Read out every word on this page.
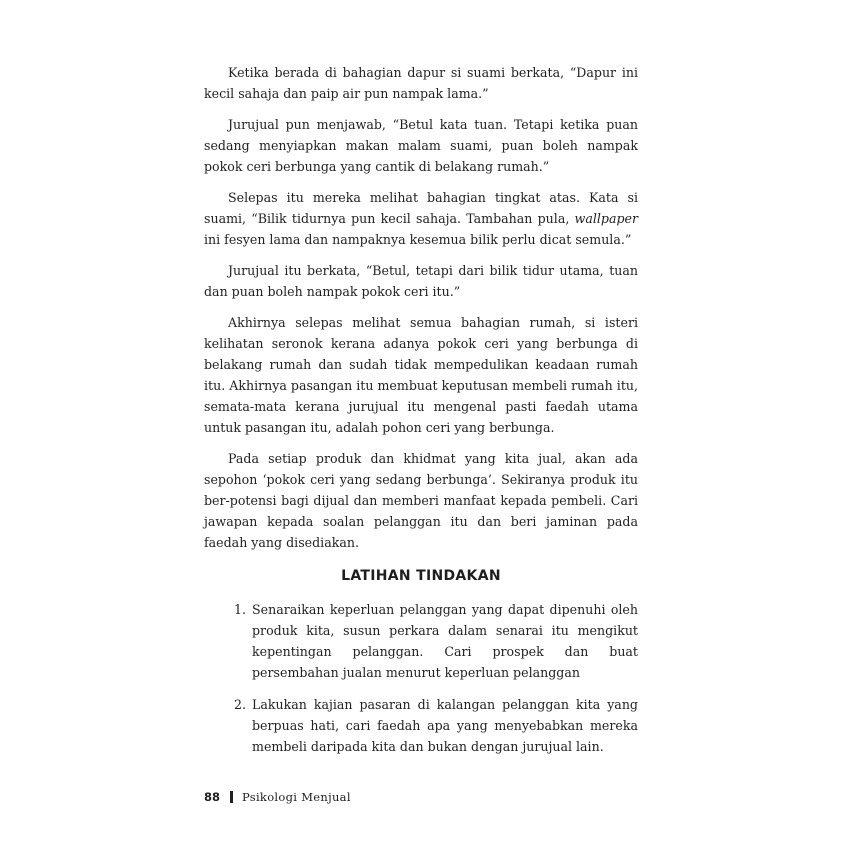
Ketika berada di bahagian dapur si suami berkata, “Dapur ini kecil sahaja dan paip air pun nampak lama.”

Jurujual pun menjawab, “Betul kata tuan. Tetapi ketika puan sedang menyiapkan makan malam suami, puan boleh nampak pokok ceri berbunga yang cantik di belakang rumah.”

Selepas itu mereka melihat bahagian tingkat atas. Kata si suami, “Bilik tidurnya pun kecil sahaja. Tambahan pula, wallpaper ini fesyen lama dan nampaknya kesemua bilik perlu dicat semula.”

Jurujual itu berkata, “Betul, tetapi dari bilik tidur utama, tuan dan puan boleh nampak pokok ceri itu.”

Akhirnya selepas melihat semua bahagian rumah, si isteri kelihatan seronok kerana adanya pokok ceri yang berbunga di belakang rumah dan sudah tidak mempedulikan keadaan rumah itu. Akhirnya pasangan itu membuat keputusan membeli rumah itu, semata-mata kerana jurujual itu mengenal pasti faedah utama untuk pasangan itu, adalah pohon ceri yang berbunga.

Pada setiap produk dan khidmat yang kita jual, akan ada sepohon ‘pokok ceri yang sedang berbunga’. Sekiranya produk itu ber-potensi bagi dijual dan memberi manfaat kepada pembeli. Cari jawapan kepada soalan pelanggan itu dan beri jaminan pada faedah yang disediakan.

LATIHAN TINDAKAN
1. Senaraikan keperluan pelanggan yang dapat dipenuhi oleh produk kita, susun perkara dalam senarai itu mengikut kepentingan pelanggan. Cari prospek dan buat persembahan jualan menurut keperluan pelanggan
2. Lakukan kajian pasaran di kalangan pelanggan kita yang berpuas hati, cari faedah apa yang menyebabkan mereka membeli daripada kita dan bukan dengan jurujual lain.
88 Psikologi Menjual
